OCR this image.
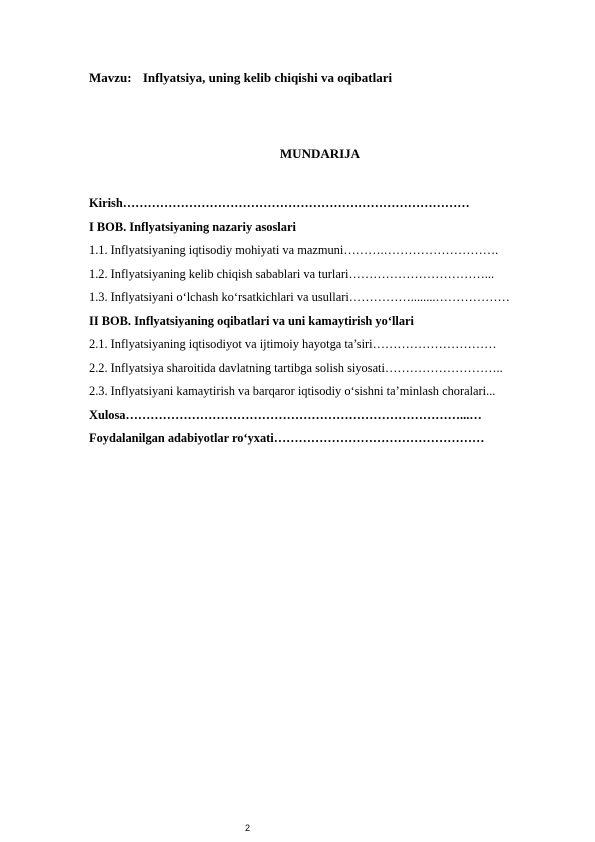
Mavzu: Inflyatsiya, uning kelib chiqishi va oqibatlari
MUNDARIJA
Kirish…………………………………………………………………………
I BOB. Inflyatsiyaning nazariy asoslari
1.1. Inflyatsiyaning iqtisodiy mohiyati va mazmuni……….……………………….
1.2. Inflyatsiyaning kelib chiqish sabablari va turlari……………………………...
1.3. Inflyatsiyani o‘lchash ko‘rsatkichlari va usullari……………........………………
II BOB. Inflyatsiyaning oqibatlari va uni kamaytirish yo‘llari
2.1. Inflyatsiyaning iqtisodiyot va ijtimoiy hayotga ta’siri…………………………
2.2. Inflyatsiya sharoitida davlatning tartibga solish siyosati………………………..
2.3. Inflyatsiyani kamaytirish va barqaror iqtisodiy o‘sishni ta’minlash choralari...
Xulosa………………………………………………………………………...…
Foydalanilgan adabiyotlar ro‘yxati……………………………………………
2
